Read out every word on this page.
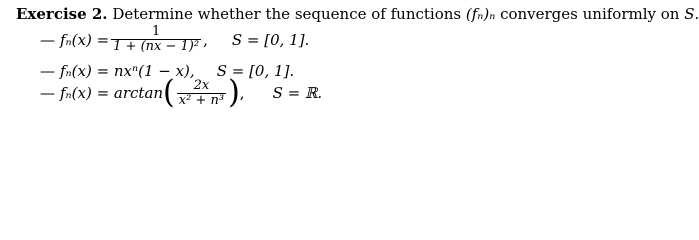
Exercise 2. Determine whether the sequence of functions (fₙ)ₙ converges uniformly on S.
— $f_n(x) = \frac{1}{\text{1 + (nx − 1)²}}$ , S = [0, 1].
— fₙ(x) = nxⁿ(1 − x), S = [0, 1].
— fₙ(x) = arctan ( $\frac{2x}{\text{x² + n³}}$ ) , S = ℝ.
